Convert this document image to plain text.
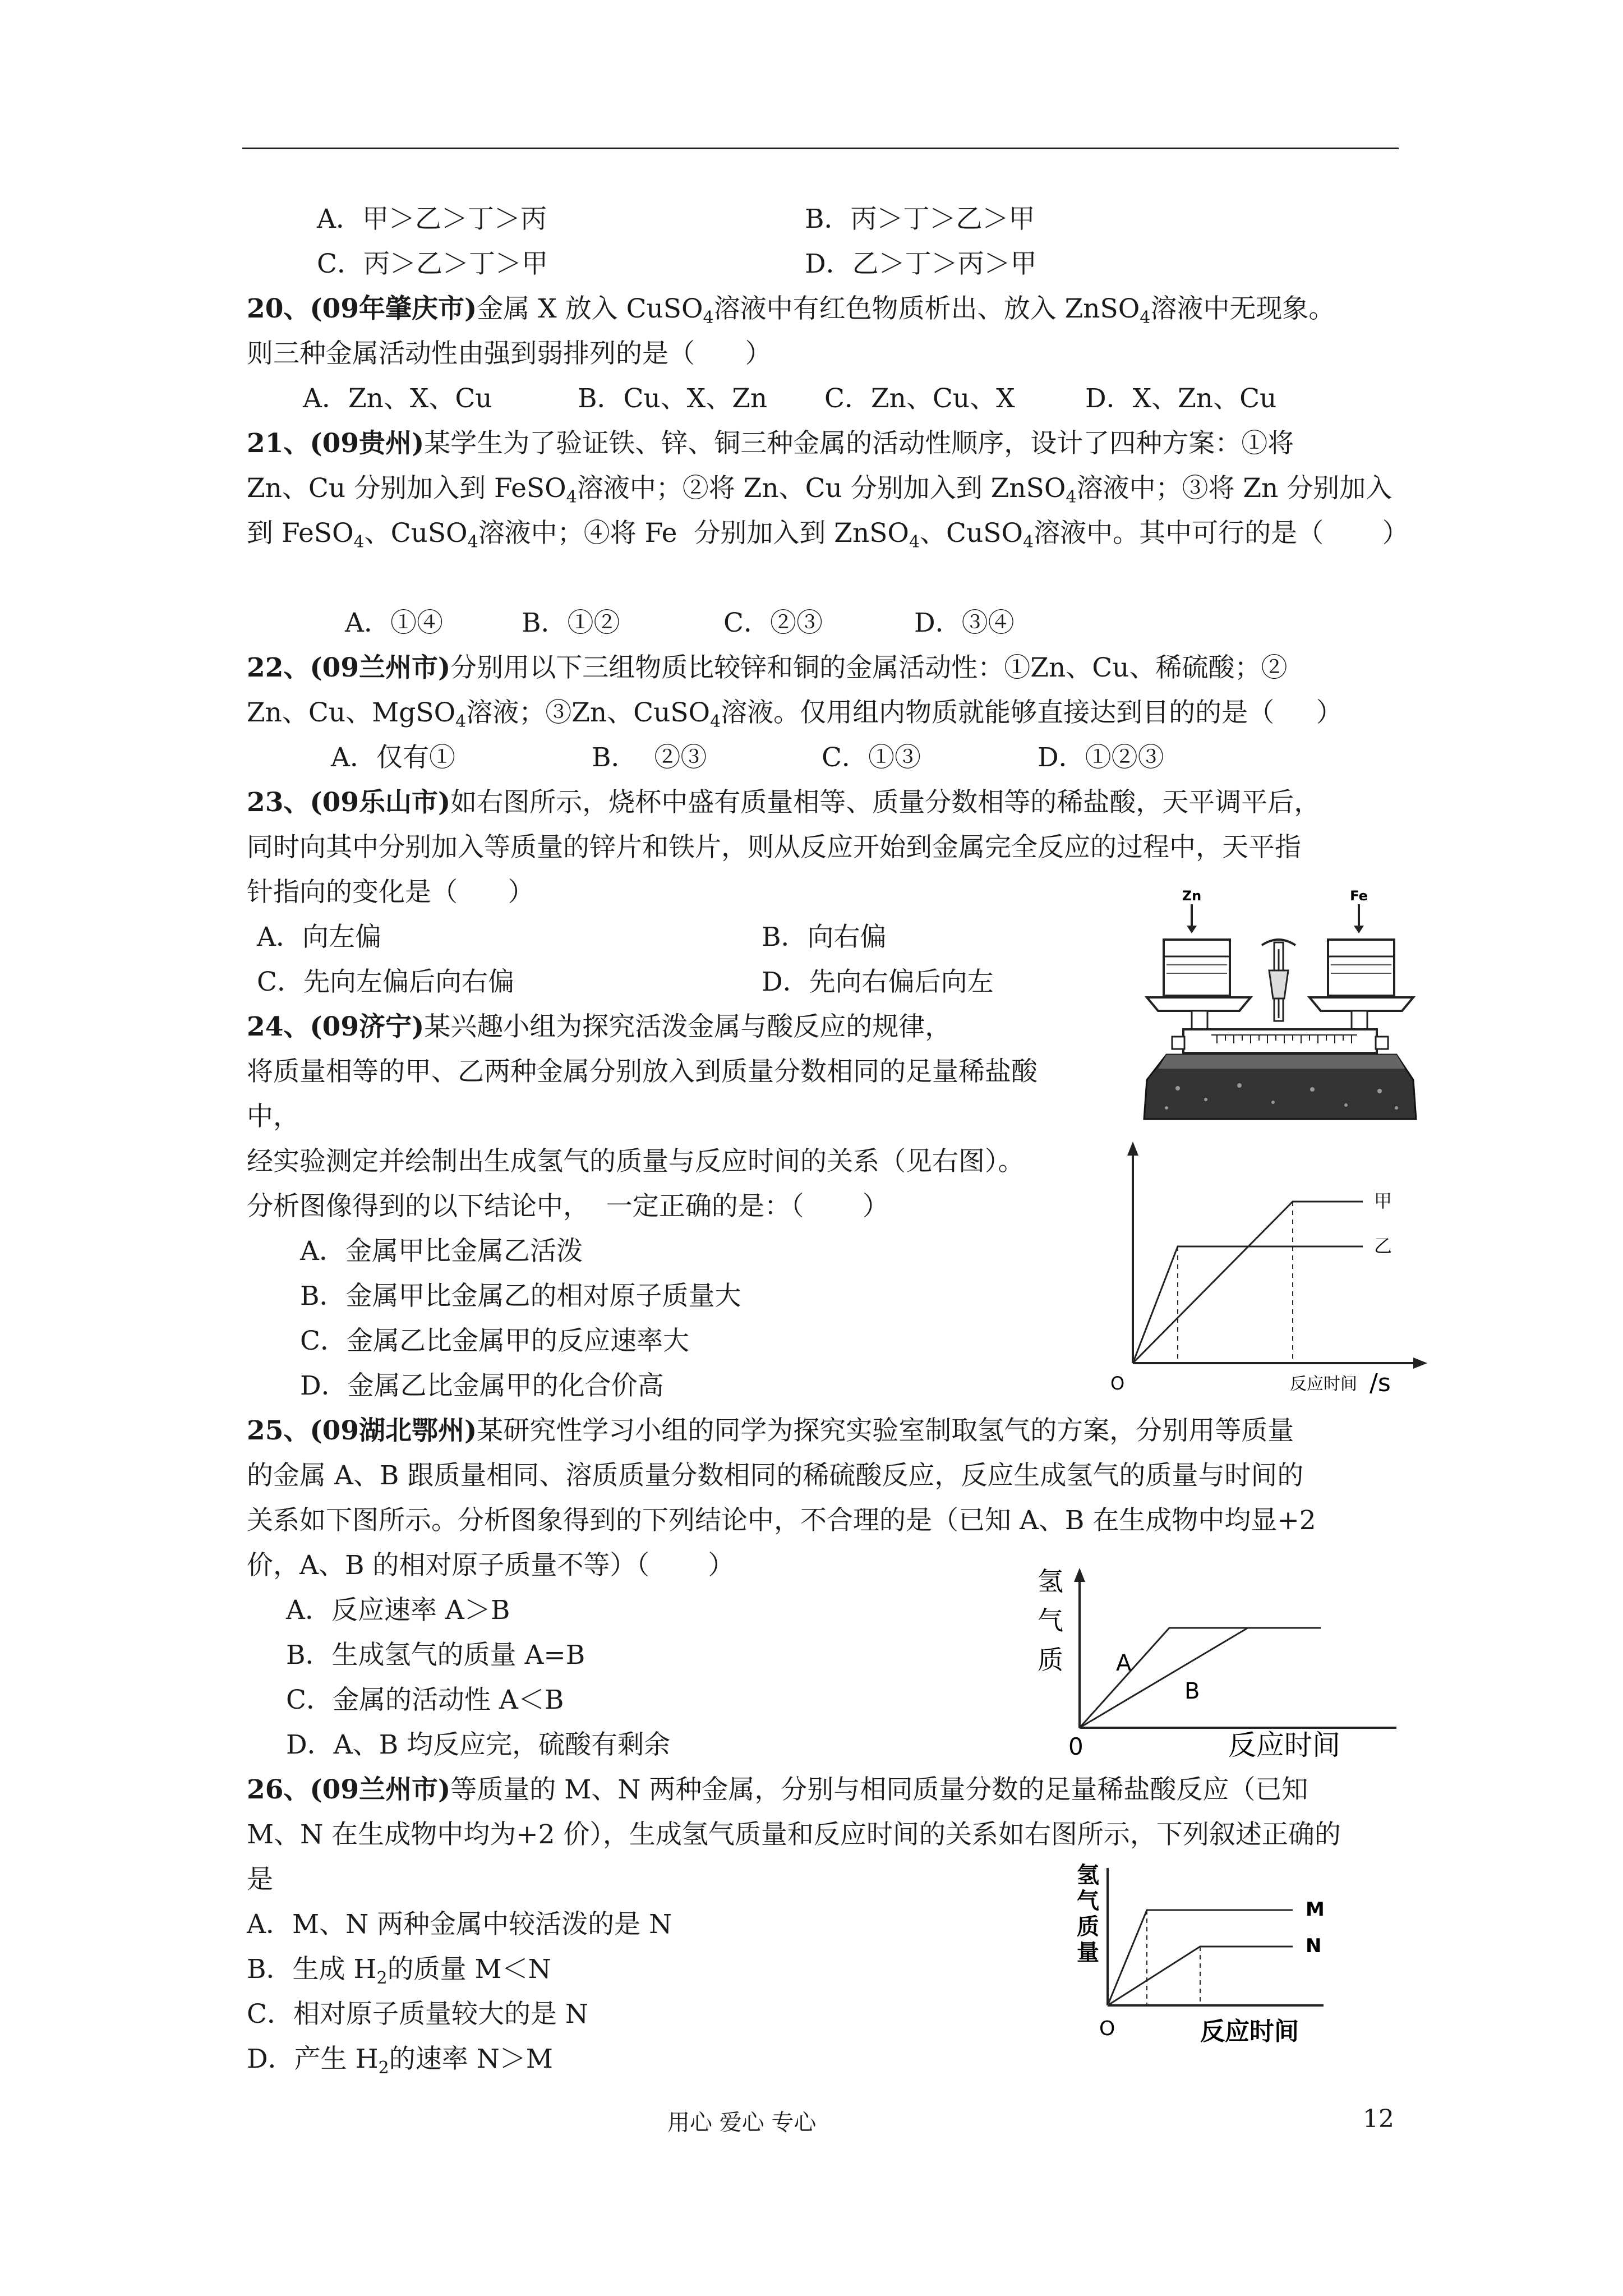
A．甲＞乙＞丁＞丙	B．丙＞丁＞乙＞甲
C．丙＞乙＞丁＞甲	D．乙＞丁＞丙＞甲
20、(09年肇庆市)金属 X 放入 CuSO$_4$溶液中有红色物质析出、放入 ZnSO$_4$溶液中无现象。
则三种金属活动性由强到弱排列的是（      ）
A．Zn、X、Cu	B．Cu、X、Zn C．Zn、Cu、X	D．X、Zn、Cu
21、(09贵州)某学生为了验证铁、锌、铜三种金属的活动性顺序，设计了四种方案：①将
Zn、Cu 分别加入到 FeSO$_4$溶液中；②将 Zn、Cu 分别加入到 ZnSO$_4$溶液中；③将 Zn 分别加入
到 FeSO$_4$、CuSO$_4$溶液中；④将 Fe  分别加入到 ZnSO$_4$、CuSO$_4$溶液中。其中可行的是（       ）
A．①④	B．①②	C．②③	D．③④
22、(09兰州市)分别用以下三组物质比较锌和铜的金属活动性：①Zn、Cu、稀硫酸；②
Zn、Cu、MgSO$_4$溶液；③Zn、CuSO$_4$溶液。仅用组内物质就能够直接达到目的的是（     ）
A．仅有①	B．  ②③	C．①③	D．①②③
23、(09乐山市)如右图所示，烧杯中盛有质量相等、质量分数相等的稀盐酸，天平调平后，
同时向其中分别加入等质量的锌片和铁片，则从反应开始到金属完全反应的过程中，天平指
针指向的变化是（      ）
A．向左偏	B．向右偏
C．先向左偏后向右偏	D．先向右偏后向左
Zn	Fe
24、(09济宁)某兴趣小组为探究活泼金属与酸反应的规律，
将质量相等的甲、乙两种金属分别放入到质量分数相同的足量稀盐酸
中，
经实验测定并绘制出生成氢气的质量与反应时间的关系（见右图）。
分析图像得到的以下结论中，  一定正确的是：（       ）
A．金属甲比金属乙活泼
B．金属甲比金属乙的相对原子质量大
C．金属乙比金属甲的反应速率大
D．金属乙比金属甲的化合价高
甲
乙
O	反应时间 /s
25、(09湖北鄂州)某研究性学习小组的同学为探究实验室制取氢气的方案，分别用等质量
的金属 A、B 跟质量相同、溶质质量分数相同的稀硫酸反应，反应生成氢气的质量与时间的
关系如下图所示。分析图象得到的下列结论中，不合理的是（已知 A、B 在生成物中均显+2
价，A、B 的相对原子质量不等）（       ）
A．反应速率 A＞B
B．生成氢气的质量 A=B
C．金属的活动性 A＜B
D．A、B 均反应完，硫酸有剩余
氢
气
质 A
B
0	反应时间
26、(09兰州市)等质量的 M、N 两种金属，分别与相同质量分数的足量稀盐酸反应（已知
M、N 在生成物中均为+2 价），生成氢气质量和反应时间的关系如右图所示，下列叙述正确的
是
A．M、N 两种金属中较活泼的是 N
B．生成 $H_2$的质量 M＜N
C．相对原子质量较大的是 N
D．产生 $H_2$的速率 N＞M
氢
气
质
量
M
N
O	反应时间
用心 爱心 专心	12
